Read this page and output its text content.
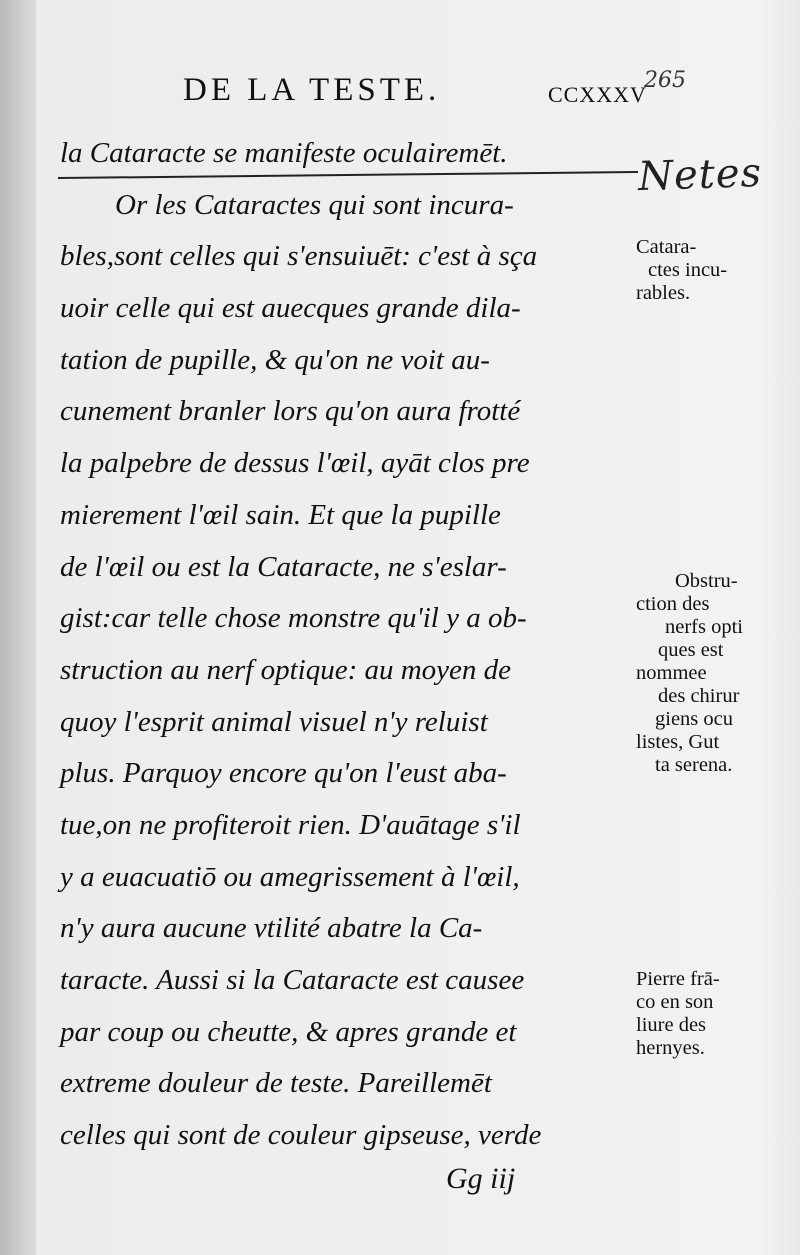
DE LA TESTE.	CCXXXV
265
Netes
la Cataracte se manifeste oculairemēt.
Or les Cataractes qui sont incura-
bles,sont celles qui s'ensuiuēt: c'est à sça
uoir celle qui est auecques grande dila-
tation de pupille, & qu'on ne voit au-
cunement branler lors qu'on aura frotté
la palpebre de dessus l'œil, ayāt clos pre
mierement l'œil sain. Et que la pupille
de l'œil ou est la Cataracte, ne s'eslar-
gist:car telle chose monstre qu'il y a ob-
struction au nerf optique: au moyen de
quoy l'esprit animal visuel n'y reluist
plus. Parquoy encore qu'on l'eust aba-
tue,on ne profiteroit rien. D'auātage s'il
y a euacuatiō ou amegrissement à l'œil,
n'y aura aucune vtilité abatre la Ca-
taracte. Aussi si la Cataracte est causee
par coup ou cheutte, & apres grande et
extreme douleur de teste. Pareillemēt
celles qui sont de couleur gipseuse, verde
Catara-
ctes incu-
rables.
Obstru-
ction des
nerfs opti
ques est
nommee
des chirur
giens ocu
listes, Gut
ta serena.
Pierre frā-
co en son
liure des
hernyes.
Gg iij
